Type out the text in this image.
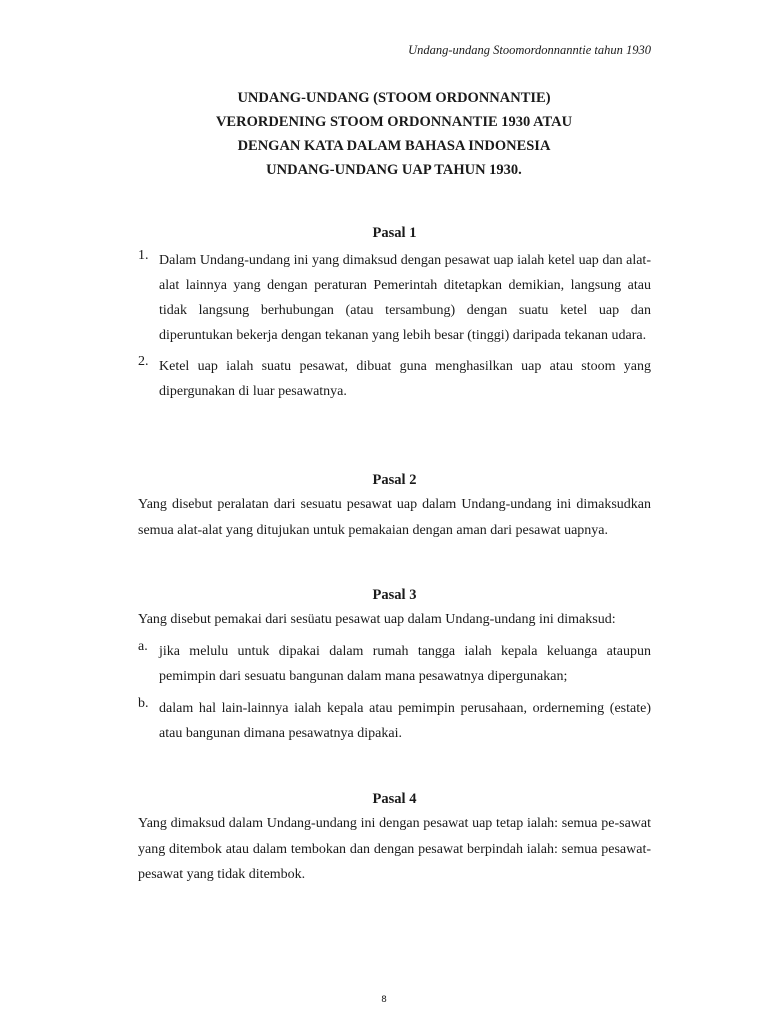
Undang-undang Stoomordonnanntie tahun 1930
UNDANG-UNDANG (STOOM ORDONNANTIE)
VERORDENING STOOM ORDONNANTIE 1930 ATAU
DENGAN KATA DALAM BAHASA INDONESIA
UNDANG-UNDANG UAP TAHUN 1930.
Pasal 1
1. Dalam Undang-undang ini yang dimaksud dengan pesawat uap ialah ketel uap dan alat-alat lainnya yang dengan peraturan Pemerintah ditetapkan demikian, langsung atau tidak langsung berhubungan (atau tersambung) dengan suatu ketel uap dan diperuntukan bekerja dengan tekanan yang lebih besar (tinggi) daripada tekanan udara.
2. Ketel uap ialah suatu pesawat, dibuat guna menghasilkan uap atau stoom yang dipergunakan di luar pesawatnya.
Pasal 2

Yang disebut peralatan dari sesuatu pesawat uap dalam Undang-undang ini dimaksudkan semua alat-alat yang ditujukan untuk pemakaian dengan aman dari pesawat uapnya.

Pasal 3

Yang disebut pemakai dari sesüatu pesawat uap dalam Undang-undang ini dimaksud:

a. jika melulu untuk dipakai dalam rumah tangga ialah kepala keluanga ataupun pemimpin dari sesuatu bangunan dalam mana pesawatnya dipergunakan;
b. dalam hal lain-lainnya ialah kepala atau pemimpin perusahaan, orderneming (estate) atau bangunan dimana pesawatnya dipakai.
Pasal 4

Yang dimaksud dalam Undang-undang ini dengan pesawat uap tetap ialah: semua pe-sawat yang ditembok atau dalam tembokan dan dengan pesawat berpindah ialah: semua pesawat-pesawat yang tidak ditembok.

8
